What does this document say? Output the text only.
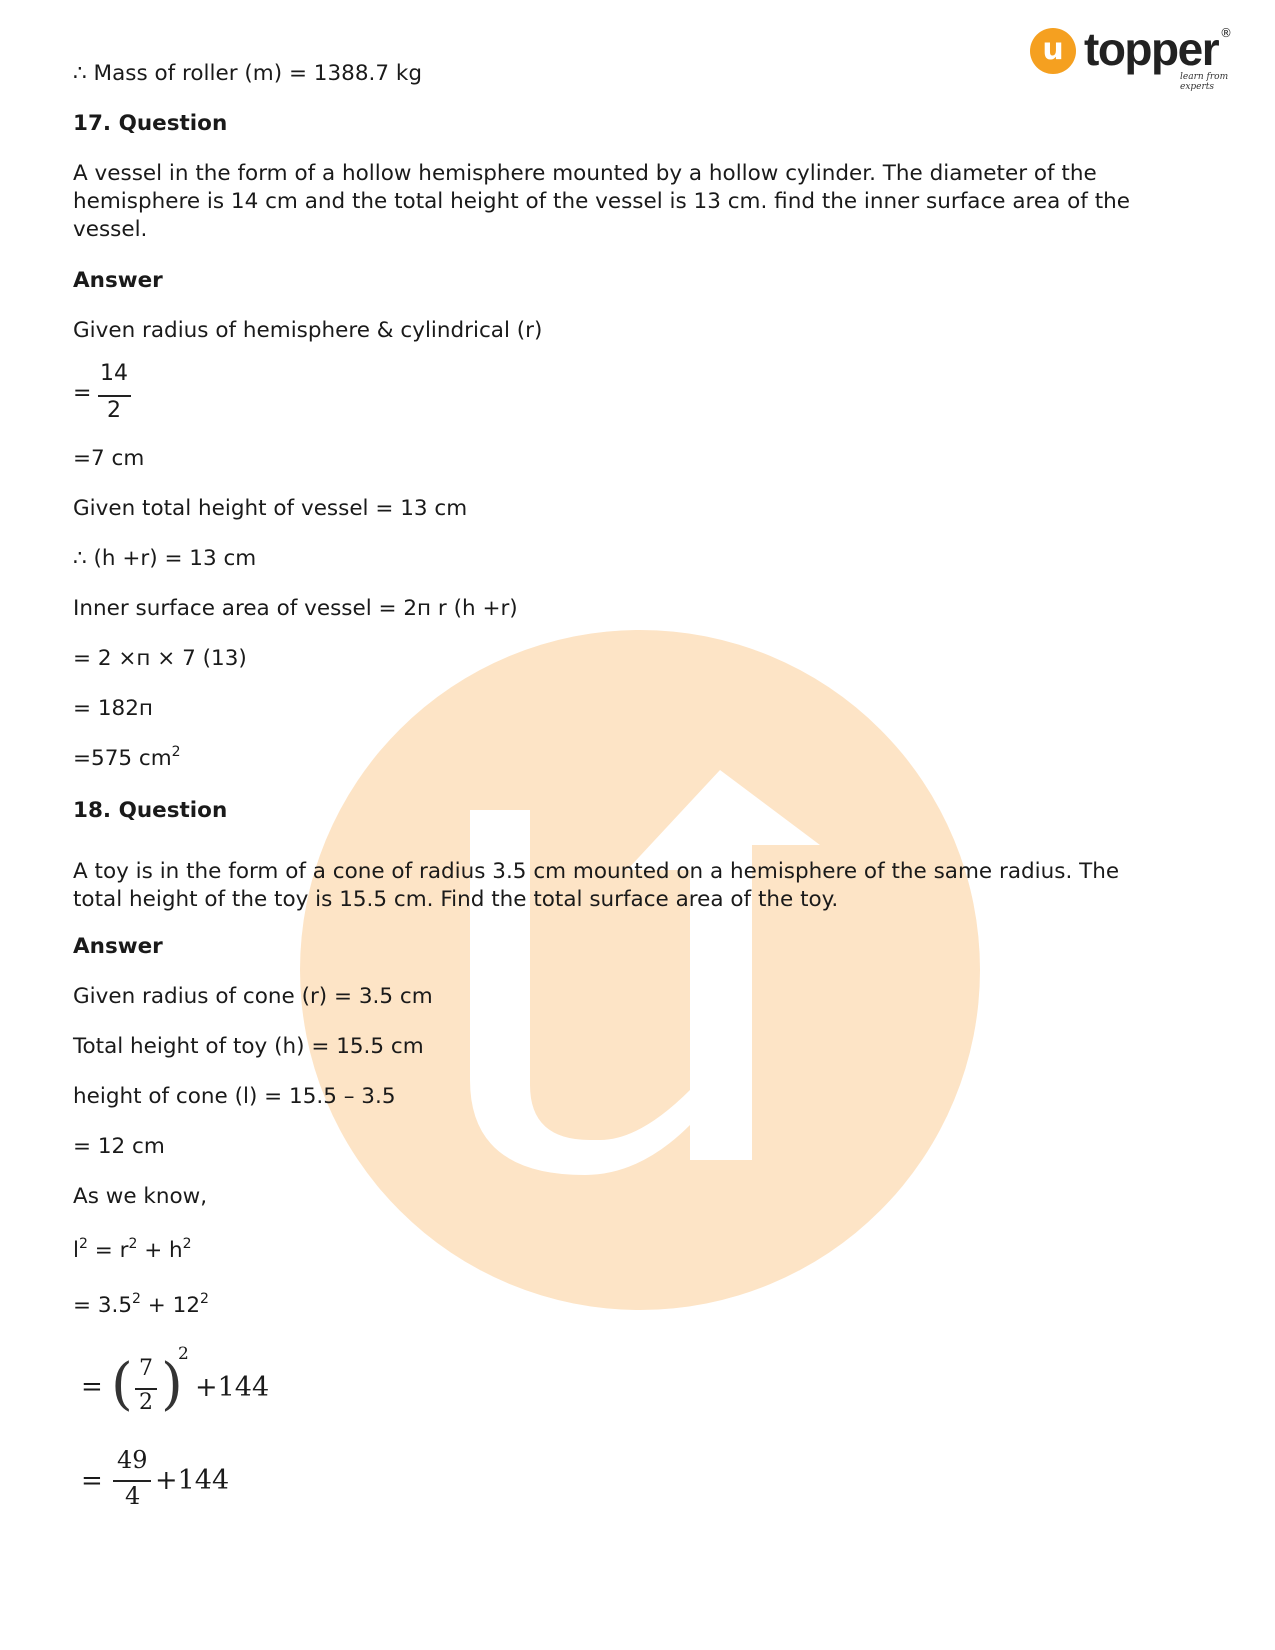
u topper ®
learn from experts
∴ Mass of roller (m) = 1388.7 kg
17. Question
A vessel in the form of a hollow hemisphere mounted by a hollow cylinder. The diameter of the hemisphere is 14 cm and the total height of the vessel is 13 cm. find the inner surface area of the vessel.
Answer
Given radius of hemisphere & cylindrical (r)
=
14
2
=7 cm
Given total height of vessel = 13 cm
∴ (h +r) = 13 cm
Inner surface area of vessel = 2п r (h +r)
= 2 ×п × 7 (13)
= 182п
=575 $cm^2$
18. Question
A toy is in the form of a cone of radius 3.5 cm mounted on a hemisphere of the same radius. The total height of the toy is 15.5 cm. Find the total surface area of the toy.
Answer
Given radius of cone (r) = 3.5 cm
Total height of toy (h) = 15.5 cm
height of cone (l) = 15.5 – 3.5
= 12 cm
As we know,
$l^2 = r^2 + h^2$
= $3.5^2 + 12^2$
= ( 7
2 )
2
+144
=
49
4 +144
